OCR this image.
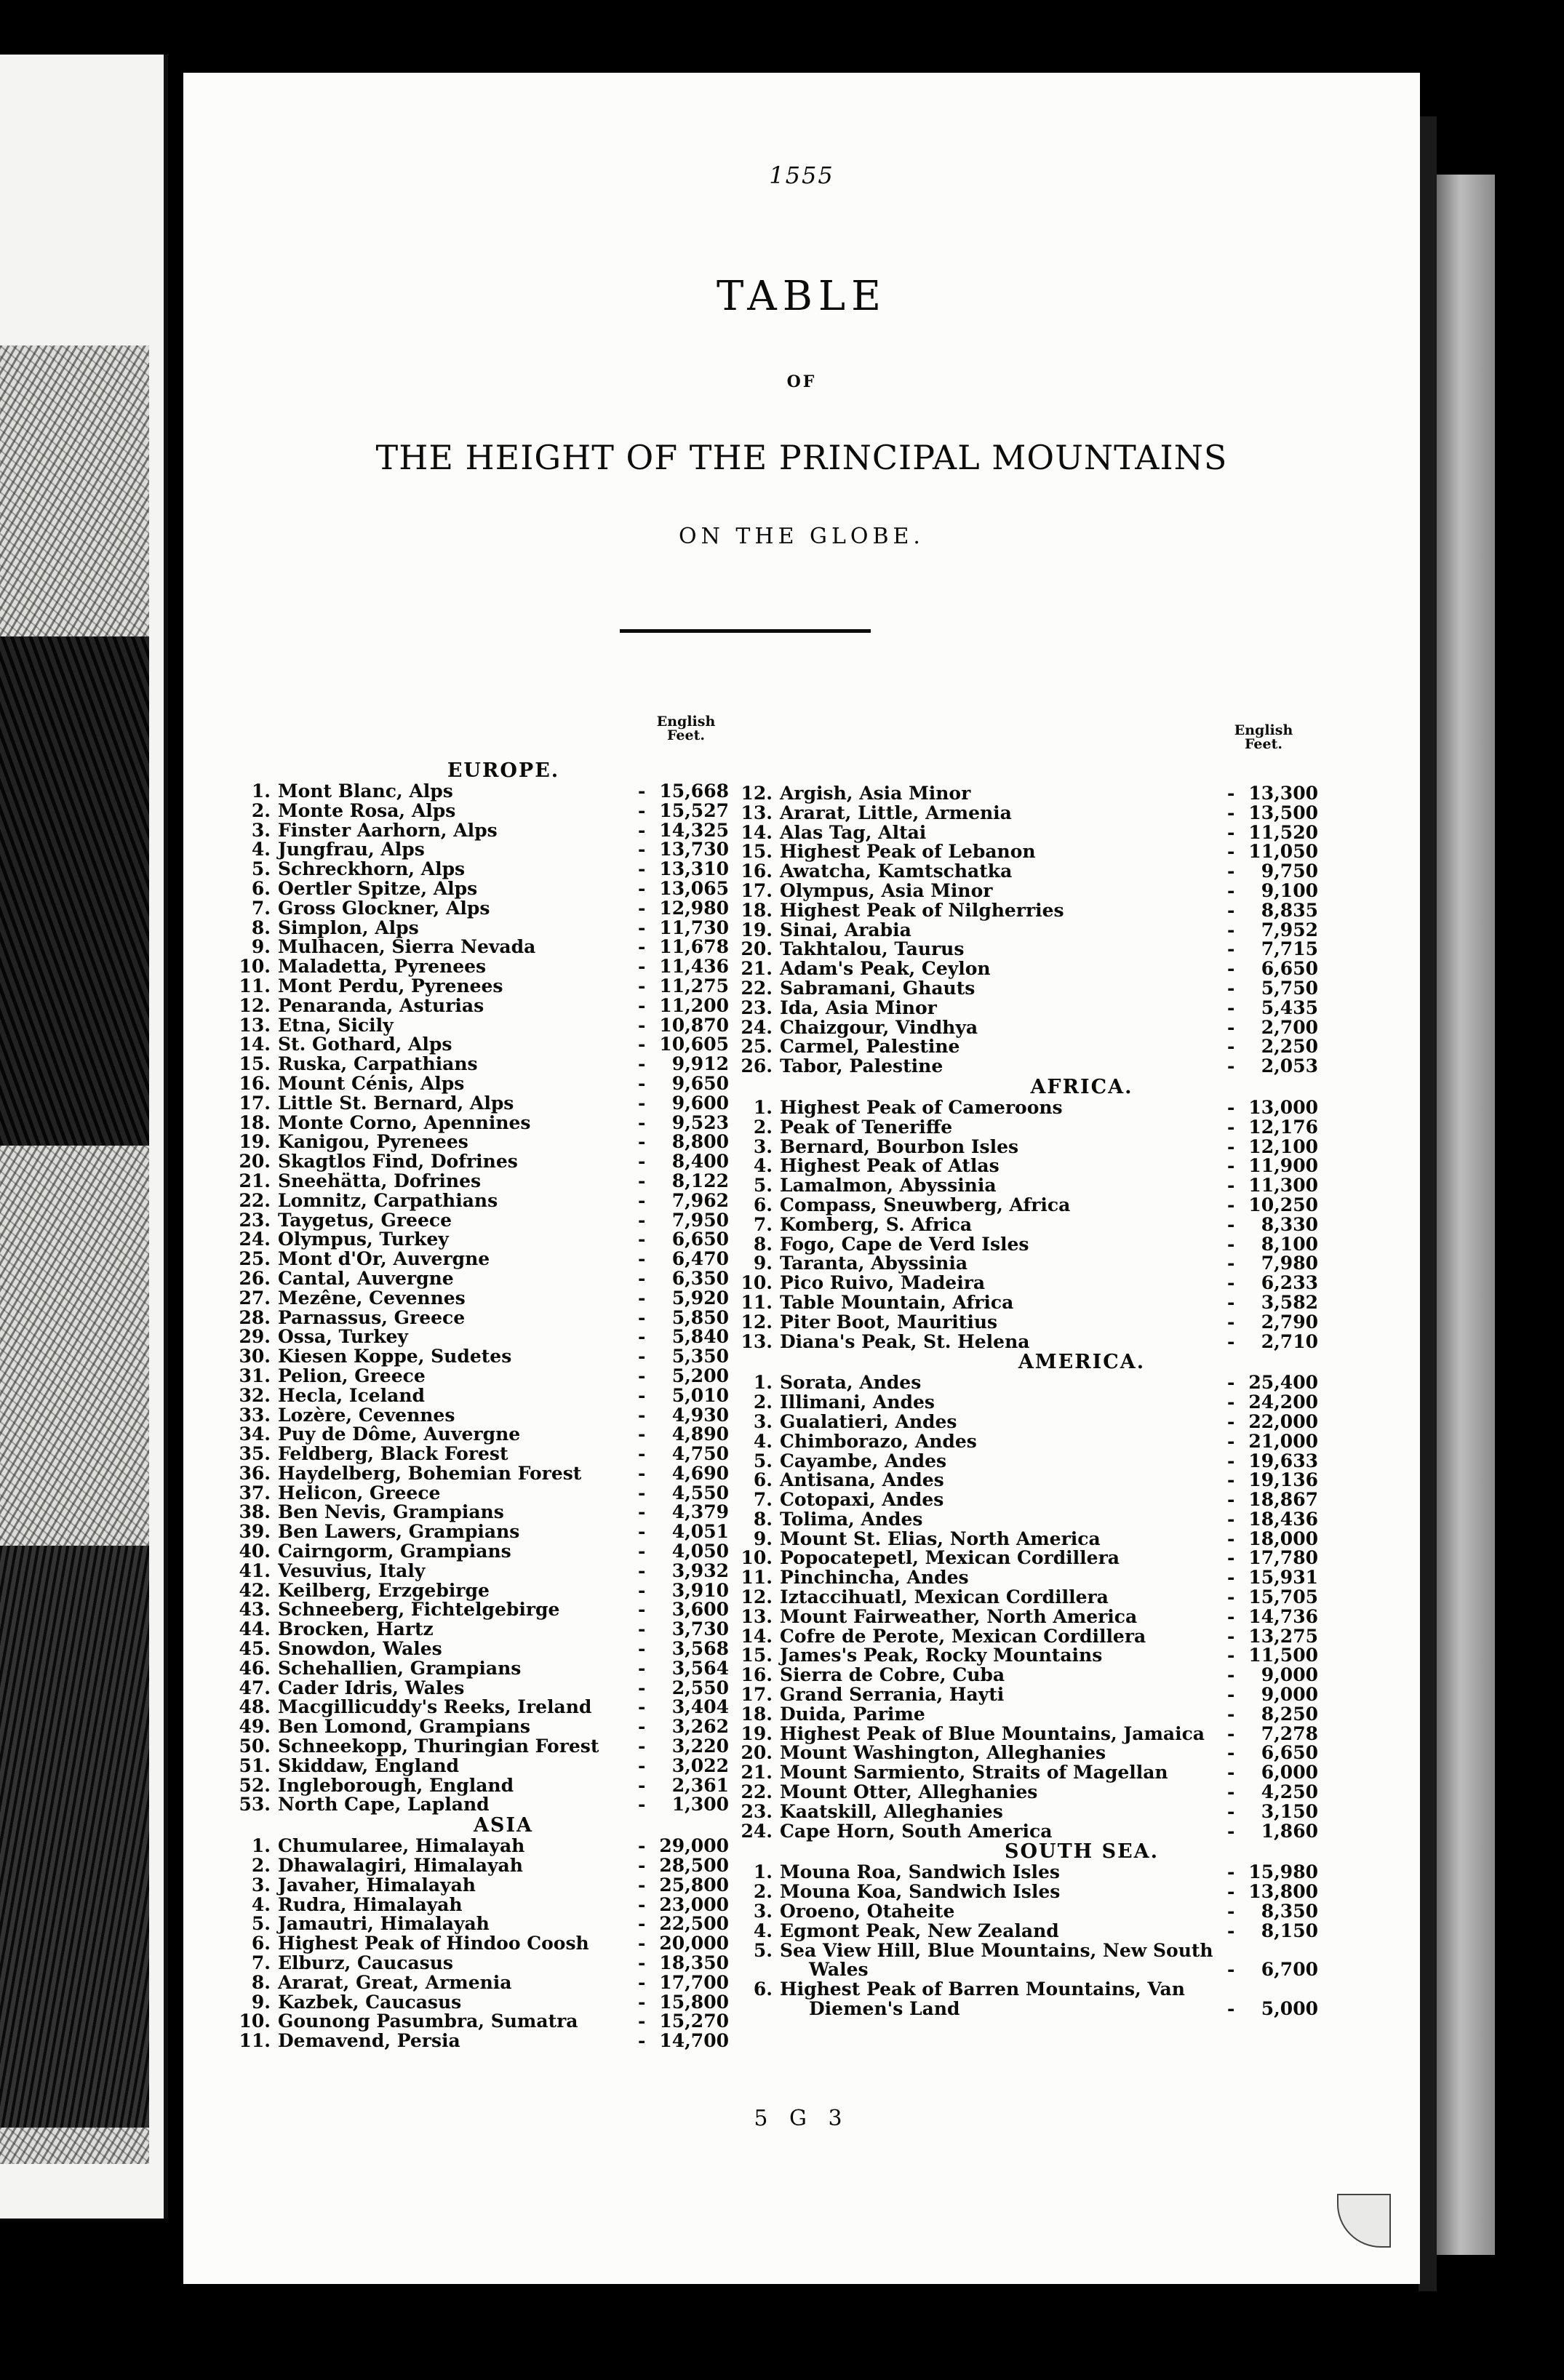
1555
TABLE
OF
THE HEIGHT OF THE PRINCIPAL MOUNTAINS
ON THE GLOBE.
English Feet.	English Feet.
EUROPE.
1. Mont Blanc, Alps	- 15,668
2. Monte Rosa, Alps	- 15,527
3. Finster Aarhorn, Alps	- 14,325
4. Jungfrau, Alps	- 13,730
5. Schreckhorn, Alps	- 13,310
6. Oertler Spitze, Alps	- 13,065
7. Gross Glockner, Alps	- 12,980
8. Simplon, Alps	- 11,730
9. Mulhacen, Sierra Nevada	- 11,678
10. Maladetta, Pyrenees	- 11,436
11. Mont Perdu, Pyrenees	- 11,275
12. Penaranda, Asturias	- 11,200
13. Etna, Sicily	- 10,870
14. St. Gothard, Alps	- 10,605
15. Ruska, Carpathians	-	9,912
16. Mount Cénis, Alps	-	9,650
17. Little St. Bernard, Alps	-	9,600
18. Monte Corno, Apennines	-	9,523
19. Kanigou, Pyrenees	-	8,800
20. Skagtlos Find, Dofrines	-	8,400
21. Sneehätta, Dofrines	-	8,122
22. Lomnitz, Carpathians	-	7,962
23. Taygetus, Greece	-	7,950
24. Olympus, Turkey	-	6,650
25. Mont d'Or, Auvergne	-	6,470
26. Cantal, Auvergne	-	6,350
27. Mezêne, Cevennes	-	5,920
28. Parnassus, Greece	-	5,850
29. Ossa, Turkey	-	5,840
30. Kiesen Koppe, Sudetes	-	5,350
31. Pelion, Greece	-	5,200
32. Hecla, Iceland	-	5,010
33. Lozère, Cevennes	-	4,930
34. Puy de Dôme, Auvergne	-	4,890
35. Feldberg, Black Forest	-	4,750
36. Haydelberg, Bohemian Forest	-	4,690
37. Helicon, Greece	-	4,550
38. Ben Nevis, Grampians	-	4,379
39. Ben Lawers, Grampians	-	4,051
40. Cairngorm, Grampians	-	4,050
41. Vesuvius, Italy	-	3,932
42. Keilberg, Erzgebirge	-	3,910
43. Schneeberg, Fichtelgebirge	-	3,600
44. Brocken, Hartz	-	3,730
45. Snowdon, Wales	-	3,568
46. Schehallien, Grampians	-	3,564
47. Cader Idris, Wales	-	2,550
48. Macgillicuddy's Reeks, Ireland	-	3,404
49. Ben Lomond, Grampians	-	3,262
50. Schneekopp, Thuringian Forest -	3,220
51. Skiddaw, England	-	3,022
52. Ingleborough, England	-	2,361
53. North Cape, Lapland	-	1,300
ASIA
1. Chumularee, Himalayah	- 29,000
2. Dhawalagiri, Himalayah	- 28,500
3. Javaher, Himalayah	- 25,800
4. Rudra, Himalayah	- 23,000
5. Jamautri, Himalayah	- 22,500
6. Highest Peak of Hindoo Coosh	- 20,000
7. Elburz, Caucasus	- 18,350
8. Ararat, Great, Armenia	- 17,700
9. Kazbek, Caucasus	- 15,800
10. Gounong Pasumbra, Sumatra	- 15,270
11. Demavend, Persia	- 14,700
12. Argish, Asia Minor	- 13,300
13. Ararat, Little, Armenia	- 13,500
14. Alas Tag, Altai	- 11,520
15. Highest Peak of Lebanon	- 11,050
16. Awatcha, Kamtschatka	-	9,750
17. Olympus, Asia Minor	-	9,100
18. Highest Peak of Nilgherries	-	8,835
19. Sinai, Arabia	-	7,952
20. Takhtalou, Taurus	-	7,715
21. Adam's Peak, Ceylon	-	6,650
22. Sabramani, Ghauts	-	5,750
23. Ida, Asia Minor	-	5,435
24. Chaizgour, Vindhya	-	2,700
25. Carmel, Palestine	-	2,250
26. Tabor, Palestine	-	2,053
AFRICA.
1. Highest Peak of Cameroons	- 13,000
2. Peak of Teneriffe	- 12,176
3. Bernard, Bourbon Isles	- 12,100
4. Highest Peak of Atlas	- 11,900
5. Lamalmon, Abyssinia	- 11,300
6. Compass, Sneuwberg, Africa	- 10,250
7. Komberg, S. Africa	-	8,330
8. Fogo, Cape de Verd Isles	-	8,100
9. Taranta, Abyssinia	-	7,980
10. Pico Ruivo, Madeira	-	6,233
11. Table Mountain, Africa	-	3,582
12. Piter Boot, Mauritius	-	2,790
13. Diana's Peak, St. Helena	-	2,710
AMERICA.
1. Sorata, Andes	- 25,400
2. Illimani, Andes	- 24,200
3. Gualatieri, Andes	- 22,000
4. Chimborazo, Andes	- 21,000
5. Cayambe, Andes	- 19,633
6. Antisana, Andes	- 19,136
7. Cotopaxi, Andes	- 18,867
8. Tolima, Andes	- 18,436
9. Mount St. Elias, North America	- 18,000
10. Popocatepetl, Mexican Cordillera	- 17,780
11. Pinchincha, Andes	- 15,931
12. Iztaccihuatl, Mexican Cordillera	- 15,705
13. Mount Fairweather, North America	- 14,736
14. Cofre de Perote, Mexican Cordillera	- 13,275
15. James's Peak, Rocky Mountains	- 11,500
16. Sierra de Cobre, Cuba	-	9,000
17. Grand Serrania, Hayti	-	9,000
18. Duida, Parime	-	8,250
19. Highest Peak of Blue Mountains, Jamaica -	7,278
20. Mount Washington, Alleghanies	-	6,650
21. Mount Sarmiento, Straits of Magellan	-	6,000
22. Mount Otter, Alleghanies	-	4,250
23. Kaatskill, Alleghanies	-	3,150
24. Cape Horn, South America	-	1,860
SOUTH SEA.
1. Mouna Roa, Sandwich Isles	- 15,980
2. Mouna Koa, Sandwich Isles	- 13,800
3. Oroeno, Otaheite	-	8,350
4. Egmont Peak, New Zealand	-	8,150
5. Sea View Hill, Blue Mountains, New South
Wales	-	6,700
6. Highest Peak of Barren Mountains, Van
Diemen's Land	-	5,000
5 G 3
